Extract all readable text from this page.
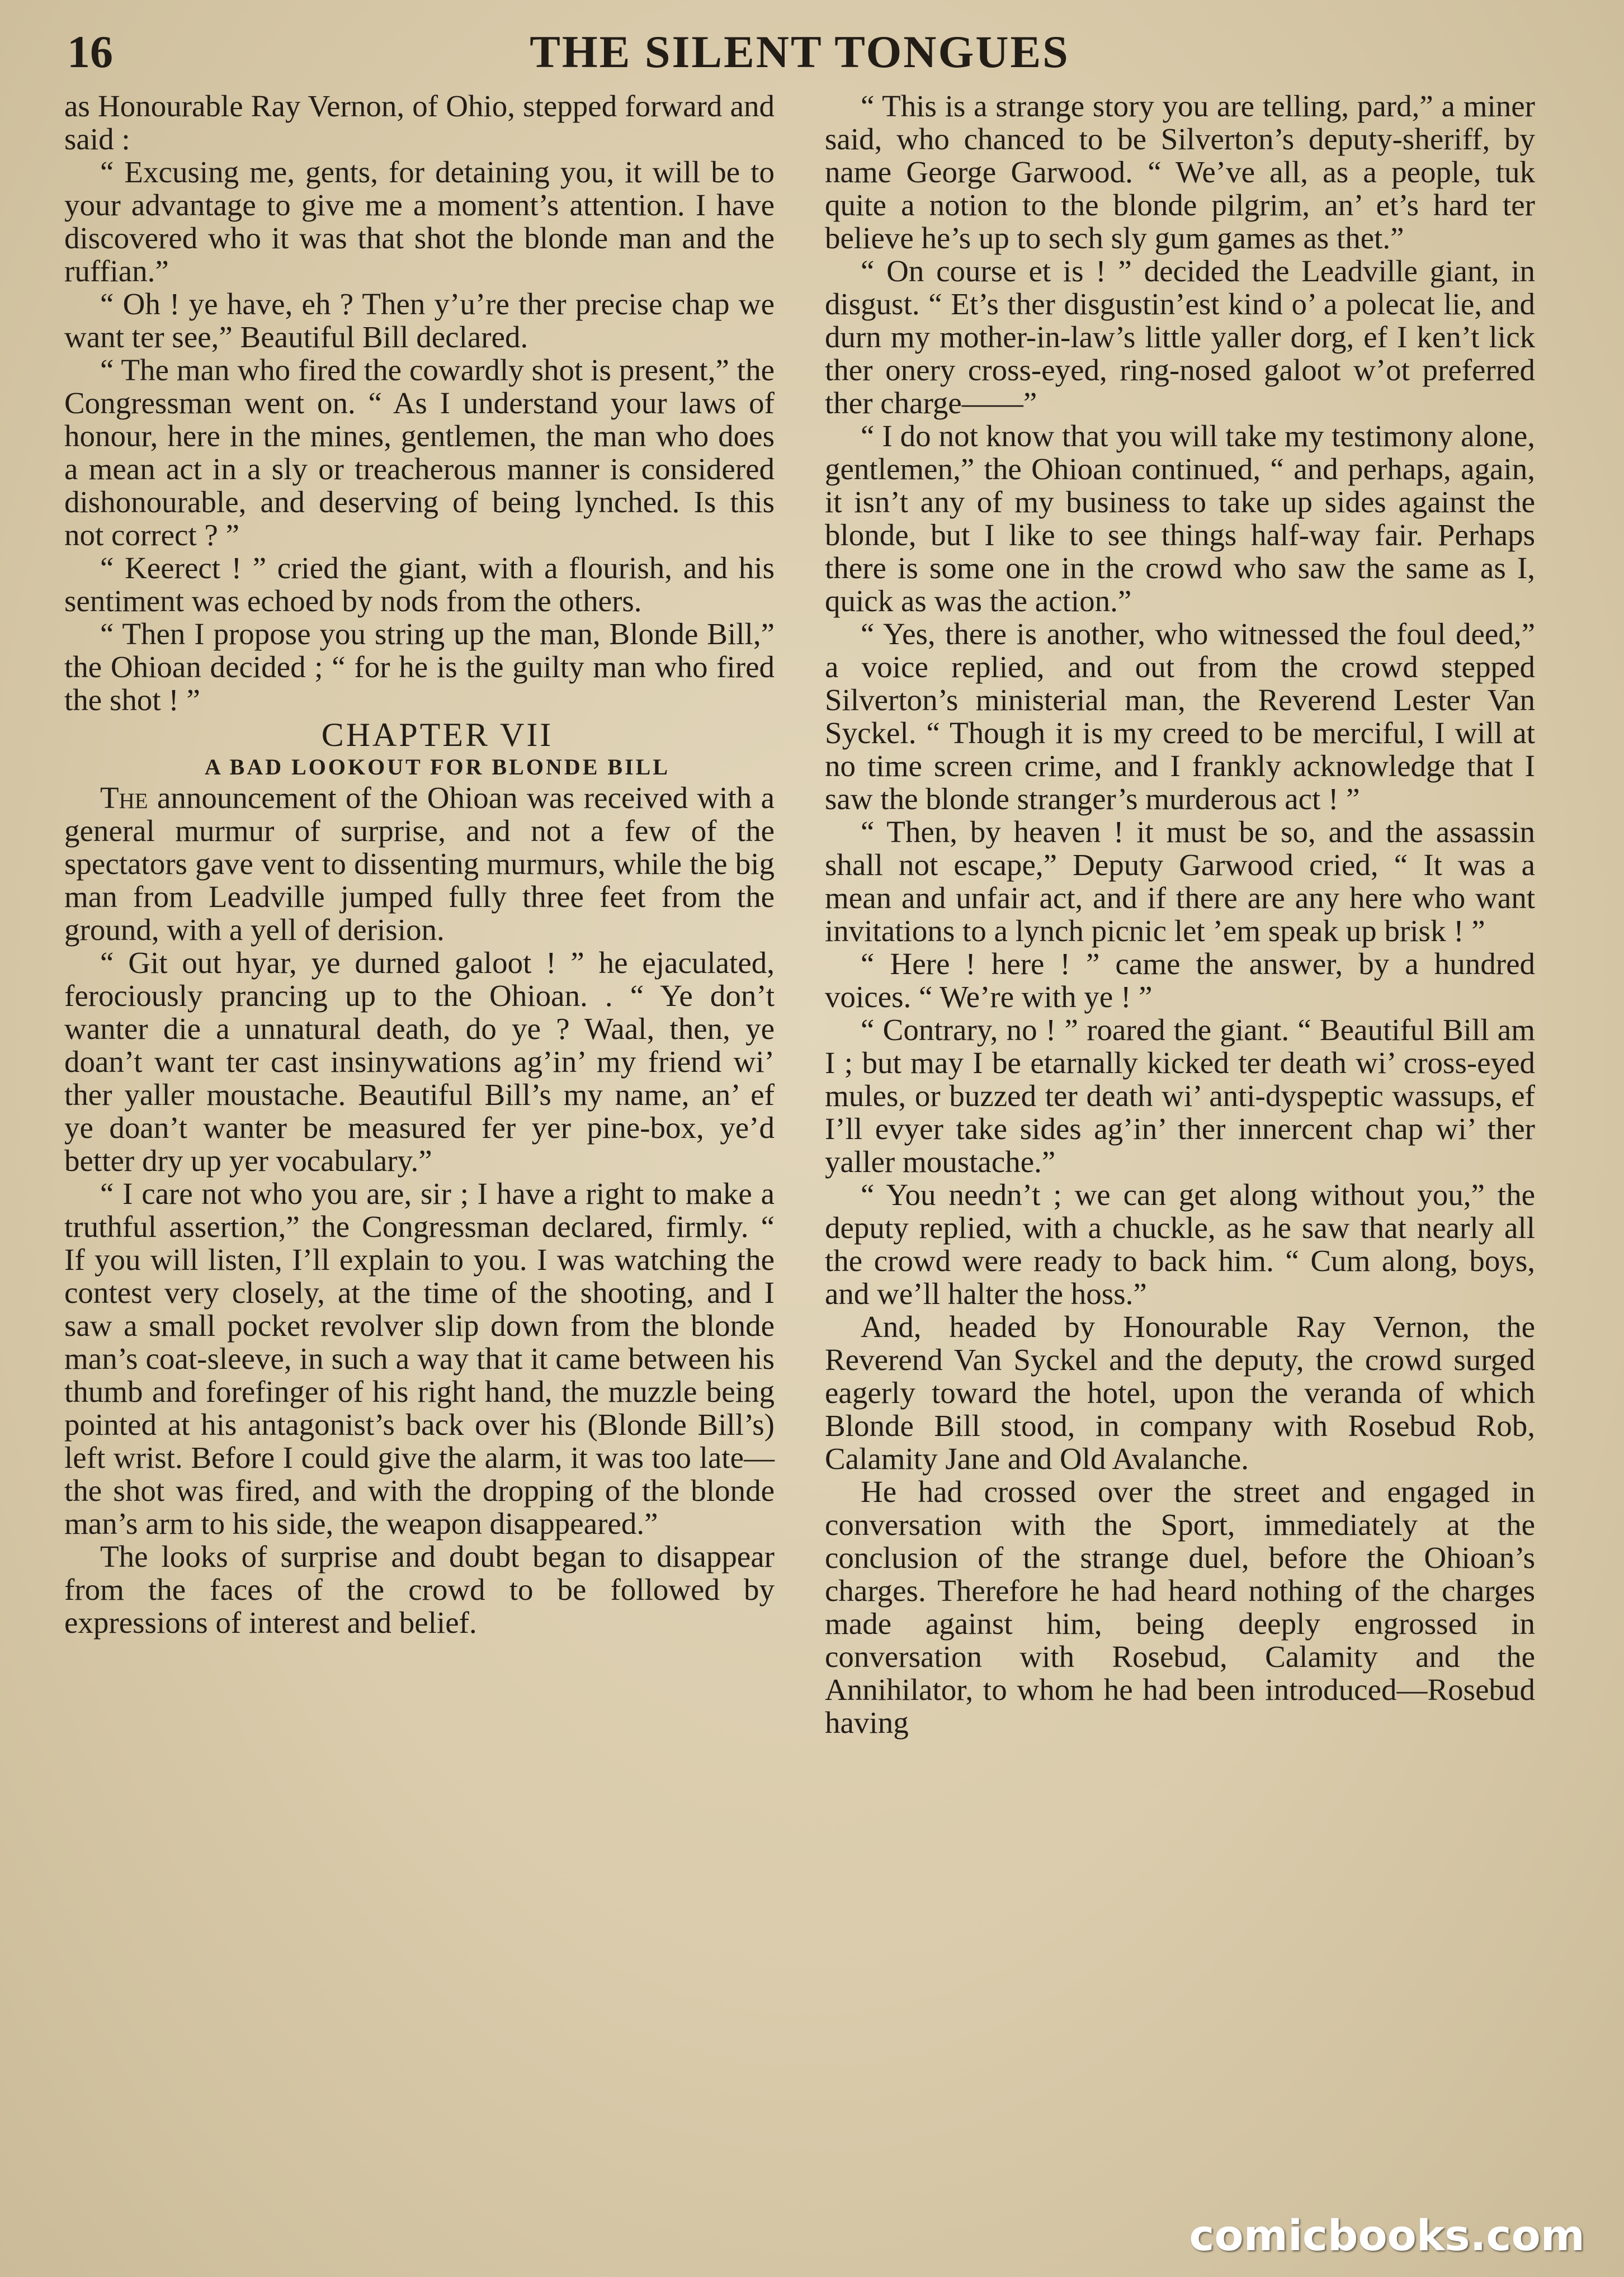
16	THE SILENT TONGUES

as Honourable Ray Vernon, of Ohio, stepped forward and said :

“ Excusing me, gents, for detaining you, it will be to your advantage to give me a moment’s attention. I have discovered who it was that shot the blonde man and the ruffian.”

“ Oh ! ye have, eh ? Then y’u’re ther precise chap we want ter see,” Beautiful Bill declared.

“ The man who fired the cowardly shot is present,” the Congressman went on. “ As I understand your laws of honour, here in the mines, gentlemen, the man who does a mean act in a sly or treacherous manner is considered dishonourable, and deserving of being lynched. Is this not correct ? ”

“ Keerect ! ” cried the giant, with a flourish, and his sentiment was echoed by nods from the others.

“ Then I propose you string up the man, Blonde Bill,” the Ohioan decided ; “ for he is the guilty man who fired the shot ! ”

CHAPTER VII

A BAD LOOKOUT FOR BLONDE BILL

The announcement of the Ohioan was received with a general murmur of surprise, and not a few of the spectators gave vent to dissenting murmurs, while the big man from Leadville jumped fully three feet from the ground, with a yell of derision.

“ Git out hyar, ye durned galoot ! ” he ejaculated, ferociously prancing up to the Ohioan. . “ Ye don’t wanter die a unnatural death, do ye ? Waal, then, ye doan’t want ter cast insinywations ag’in’ my friend wi’ ther yaller moustache. Beautiful Bill’s my name, an’ ef ye doan’t wanter be measured fer yer pine-box, ye’d better dry up yer vocabulary.”

“ I care not who you are, sir ; I have a right to make a truthful assertion,” the Congressman declared, firmly. “ If you will listen, I’ll explain to you. I was watching the contest very closely, at the time of the shooting, and I saw a small pocket revolver slip down from the blonde man’s coat-sleeve, in such a way that it came between his thumb and forefinger of his right hand, the muzzle being pointed at his antagonist’s back over his (Blonde Bill’s) left wrist. Before I could give the alarm, it was too late—the shot was fired, and with the dropping of the blonde man’s arm to his side, the weapon disappeared.”

The looks of surprise and doubt began to disappear from the faces of the crowd to be followed by expressions of interest and belief.

“ This is a strange story you are telling, pard,” a miner said, who chanced to be Silverton’s deputy-sheriff, by name George Garwood. “ We’ve all, as a people, tuk quite a notion to the blonde pilgrim, an’ et’s hard ter believe he’s up to sech sly gum games as thet.”

“ On course et is ! ” decided the Leadville giant, in disgust. “ Et’s ther disgustin’est kind o’ a polecat lie, and durn my mother-in-law’s little yaller dorg, ef I ken’t lick ther onery cross-eyed, ring-nosed galoot w’ot preferred ther charge——”

“ I do not know that you will take my testimony alone, gentlemen,” the Ohioan continued, “ and perhaps, again, it isn’t any of my business to take up sides against the blonde, but I like to see things half-way fair. Perhaps there is some one in the crowd who saw the same as I, quick as was the action.”

“ Yes, there is another, who witnessed the foul deed,” a voice replied, and out from the crowd stepped Silverton’s ministerial man, the Reverend Lester Van Syckel. “ Though it is my creed to be merciful, I will at no time screen crime, and I frankly acknowledge that I saw the blonde stranger’s murderous act ! ”

“ Then, by heaven ! it must be so, and the assassin shall not escape,” Deputy Garwood cried, “ It was a mean and unfair act, and if there are any here who want invitations to a lynch picnic let ’em speak up brisk ! ”

“ Here ! here ! ” came the answer, by a hundred voices. “ We’re with ye ! ”

“ Contrary, no ! ” roared the giant. “ Beautiful Bill am I ; but may I be etarnally kicked ter death wi’ cross-eyed mules, or buzzed ter death wi’ anti-dyspeptic wassups, ef I’ll evyer take sides ag’in’ ther innercent chap wi’ ther yaller moustache.”

“ You needn’t ; we can get along without you,” the deputy replied, with a chuckle, as he saw that nearly all the crowd were ready to back him. “ Cum along, boys, and we’ll halter the hoss.”

And, headed by Honourable Ray Vernon, the Reverend Van Syckel and the deputy, the crowd surged eagerly toward the hotel, upon the veranda of which Blonde Bill stood, in company with Rosebud Rob, Calamity Jane and Old Avalanche.

He had crossed over the street and engaged in conversation with the Sport, immediately at the conclusion of the strange duel, before the Ohioan’s charges. Therefore he had heard nothing of the charges made against him, being deeply engrossed in conversation with Rosebud, Calamity and the Annihilator, to whom he had been introduced—Rosebud having

comicbooks.com
